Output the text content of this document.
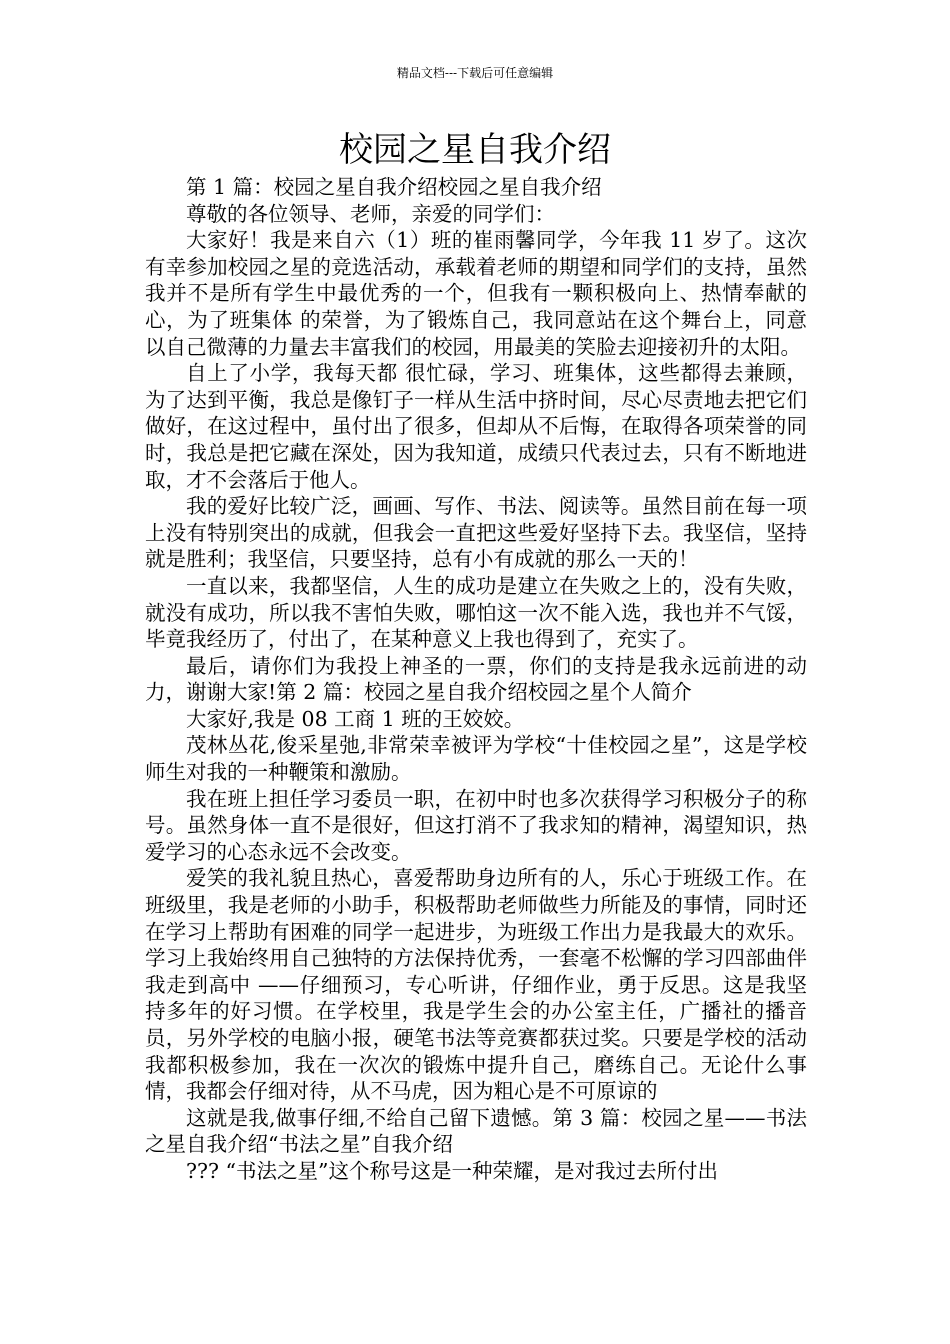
精品文档---下载后可任意编辑
校园之星自我介绍

第 1 篇：校园之星自我介绍校园之星自我介绍

尊敬的各位领导、老师，亲爱的同学们：

大家好！我是来自六（1）班的崔雨馨同学，今年我 11 岁了。这次有幸参加校园之星的竞选活动，承载着老师的期望和同学们的支持，虽然我并不是所有学生中最优秀的一个，但我有一颗积极向上、热情奉献的心，为了班集体 的荣誉，为了锻炼自己，我同意站在这个舞台上，同意以自己微薄的力量去丰富我们的校园，用最美的笑脸去迎接初升的太阳。

自上了小学，我每天都 很忙碌，学习、班集体，这些都得去兼顾，为了达到平衡，我总是像钉子一样从生活中挤时间，尽心尽责地去把它们做好，在这过程中，虽付出了很多，但却从不后悔，在取得各项荣誉的同时，我总是把它藏在深处，因为我知道，成绩只代表过去，只有不断地进取，才不会落后于他人。

我的爱好比较广泛，画画、写作、书法、阅读等。虽然目前在每一项上没有特别突出的成就，但我会一直把这些爱好坚持下去。我坚信，坚持就是胜利；我坚信，只要坚持，总有小有成就的那么一天的！

一直以来，我都坚信，人生的成功是建立在失败之上的，没有失败，就没有成功，所以我不害怕失败，哪怕这一次不能入选，我也并不气馁，毕竟我经历了，付出了，在某种意义上我也得到了，充实了。

最后，请你们为我投上神圣的一票，你们的支持是我永远前进的动力，谢谢大家!第 2 篇：校园之星自我介绍校园之星个人简介

大家好,我是 08 工商 1 班的王姣姣。

茂林丛花,俊采星弛,非常荣幸被评为学校“十佳校园之星”，这是学校师生对我的一种鞭策和激励。

我在班上担任学习委员一职，在初中时也多次获得学习积极分子的称号。虽然身体一直不是很好，但这打消不了我求知的精神，渴望知识，热爱学习的心态永远不会改变。

爱笑的我礼貌且热心，喜爱帮助身边所有的人，乐心于班级工作。在班级里，我是老师的小助手，积极帮助老师做些力所能及的事情，同时还在学习上帮助有困难的同学一起进步，为班级工作出力是我最大的欢乐。学习上我始终用自己独特的方法保持优秀，一套毫不松懈的学习四部曲伴我走到高中 ——仔细预习，专心听讲，仔细作业，勇于反思。这是我坚持多年的好习惯。在学校里，我是学生会的办公室主任，广播社的播音员，另外学校的电脑小报，硬笔书法等竞赛都获过奖。只要是学校的活动我都积极参加，我在一次次的锻炼中提升自己，磨练自己。无论什么事情，我都会仔细对待，从不马虎，因为粗心是不可原谅的

这就是我,做事仔细,不给自己留下遗憾。第 3 篇：校园之星——书法之星自我介绍“书法之星”自我介绍

??? “书法之星”这个称号这是一种荣耀，是对我过去所付出
